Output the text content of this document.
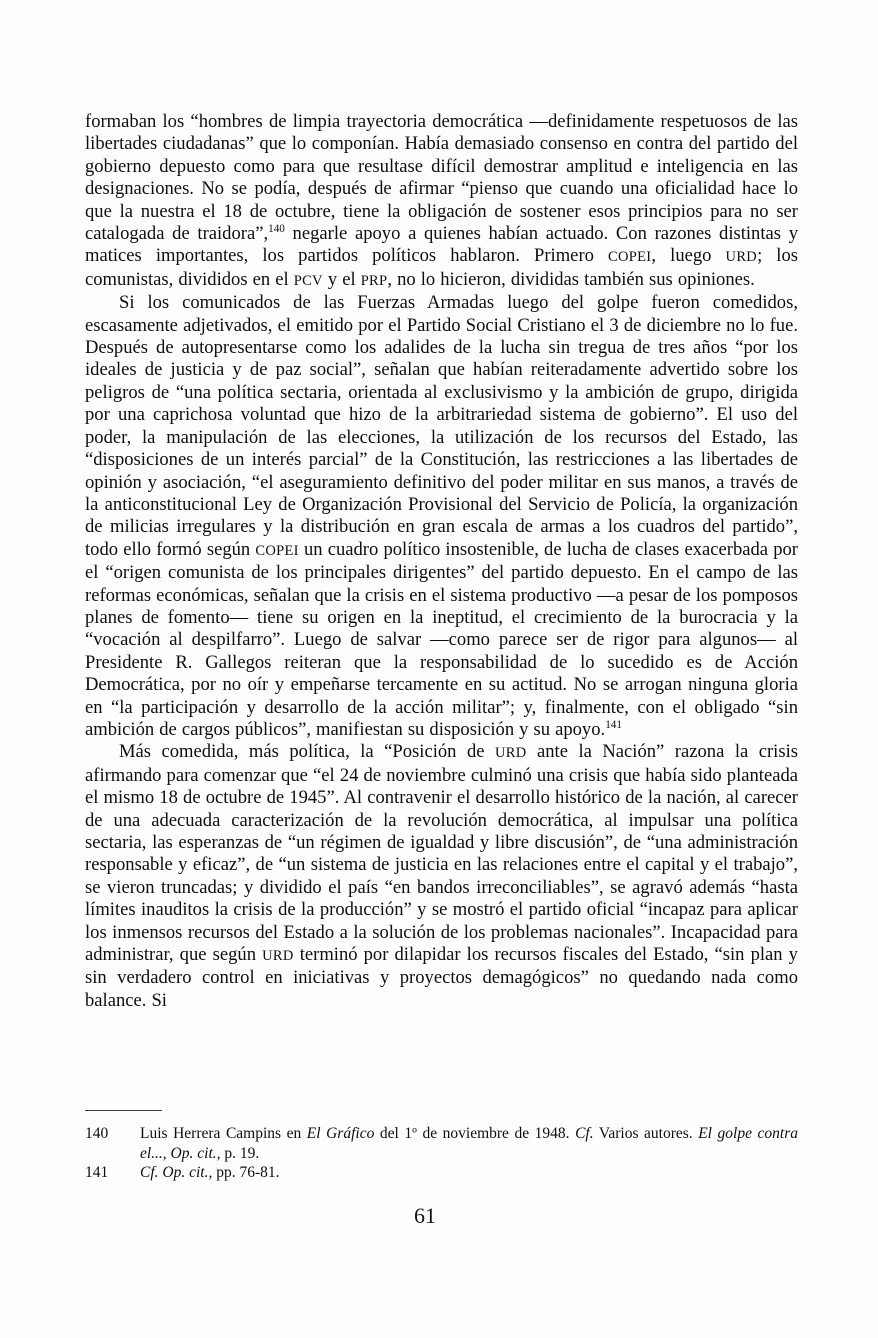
formaban los “hombres de limpia trayectoria democrática —definidamente respetuosos de las libertades ciudadanas” que lo componían. Había demasiado consenso en contra del partido del gobierno depuesto como para que resultase difícil demostrar amplitud e inteligencia en las designaciones. No se podía, después de afirmar “pienso que cuando una oficialidad hace lo que la nuestra el 18 de octubre, tiene la obligación de sostener esos principios para no ser catalogada de traidora”,$^{140}$ negarle apoyo a quienes habían actuado. Con razones distintas y matices importantes, los partidos políticos hablaron. Primero COPEI, luego URD; los comunistas, divididos en el PCV y el PRP, no lo hicieron, divididas también sus opiniones.

Si los comunicados de las Fuerzas Armadas luego del golpe fueron comedidos, escasamente adjetivados, el emitido por el Partido Social Cristiano el 3 de diciembre no lo fue. Después de autopresentarse como los adalides de la lucha sin tregua de tres años “por los ideales de justicia y de paz social”, señalan que habían reiteradamente advertido sobre los peligros de “una política sectaria, orientada al exclusivismo y la ambición de grupo, dirigida por una caprichosa voluntad que hizo de la arbitrariedad sistema de gobierno”. El uso del poder, la manipulación de las elecciones, la utilización de los recursos del Estado, las “disposiciones de un interés parcial” de la Constitución, las restricciones a las libertades de opinión y asociación, “el aseguramiento definitivo del poder militar en sus manos, a través de la anticonstitucional Ley de Organización Provisional del Servicio de Policía, la organización de milicias irregulares y la distribución en gran escala de armas a los cuadros del partido”, todo ello formó según COPEI un cuadro político insostenible, de lucha de clases exacerbada por el “origen comunista de los principales dirigentes” del partido depuesto. En el campo de las reformas económicas, señalan que la crisis en el sistema productivo —a pesar de los pomposos planes de fomento— tiene su origen en la ineptitud, el crecimiento de la burocracia y la “vocación al despilfarro”. Luego de salvar —como parece ser de rigor para algunos— al Presidente R. Gallegos reiteran que la responsabilidad de lo sucedido es de Acción Democrática, por no oír y empeñarse tercamente en su actitud. No se arrogan ninguna gloria en “la participación y desarrollo de la acción militar”; y, finalmente, con el obligado “sin ambición de cargos públicos”, manifiestan su disposición y su apoyo.$^{141}$

Más comedida, más política, la “Posición de URD ante la Nación” razona la crisis afirmando para comenzar que “el 24 de noviembre culminó una crisis que había sido planteada el mismo 18 de octubre de 1945”. Al contravenir el desarrollo histórico de la nación, al carecer de una adecuada caracterización de la revolución democrática, al impulsar una política sectaria, las esperanzas de “un régimen de igualdad y libre discusión”, de “una administración responsable y eficaz”, de “un sistema de justicia en las relaciones entre el capital y el trabajo”, se vieron truncadas; y dividido el país “en bandos irreconciliables”, se agravó además “hasta límites inauditos la crisis de la producción” y se mostró el partido oficial “incapaz para aplicar los inmensos recursos del Estado a la solución de los problemas nacionales”. Incapacidad para administrar, que según URD terminó por dilapidar los recursos fiscales del Estado, “sin plan y sin verdadero control en iniciativas y proyectos demagógicos” no quedando nada como balance. Si

140	Luis Herrera Campins en El Gráfico del 1º de noviembre de 1948. Cf. Varios autores. El golpe contra el..., Op. cit., p. 19.
141	Cf. Op. cit., pp. 76-81.
61
